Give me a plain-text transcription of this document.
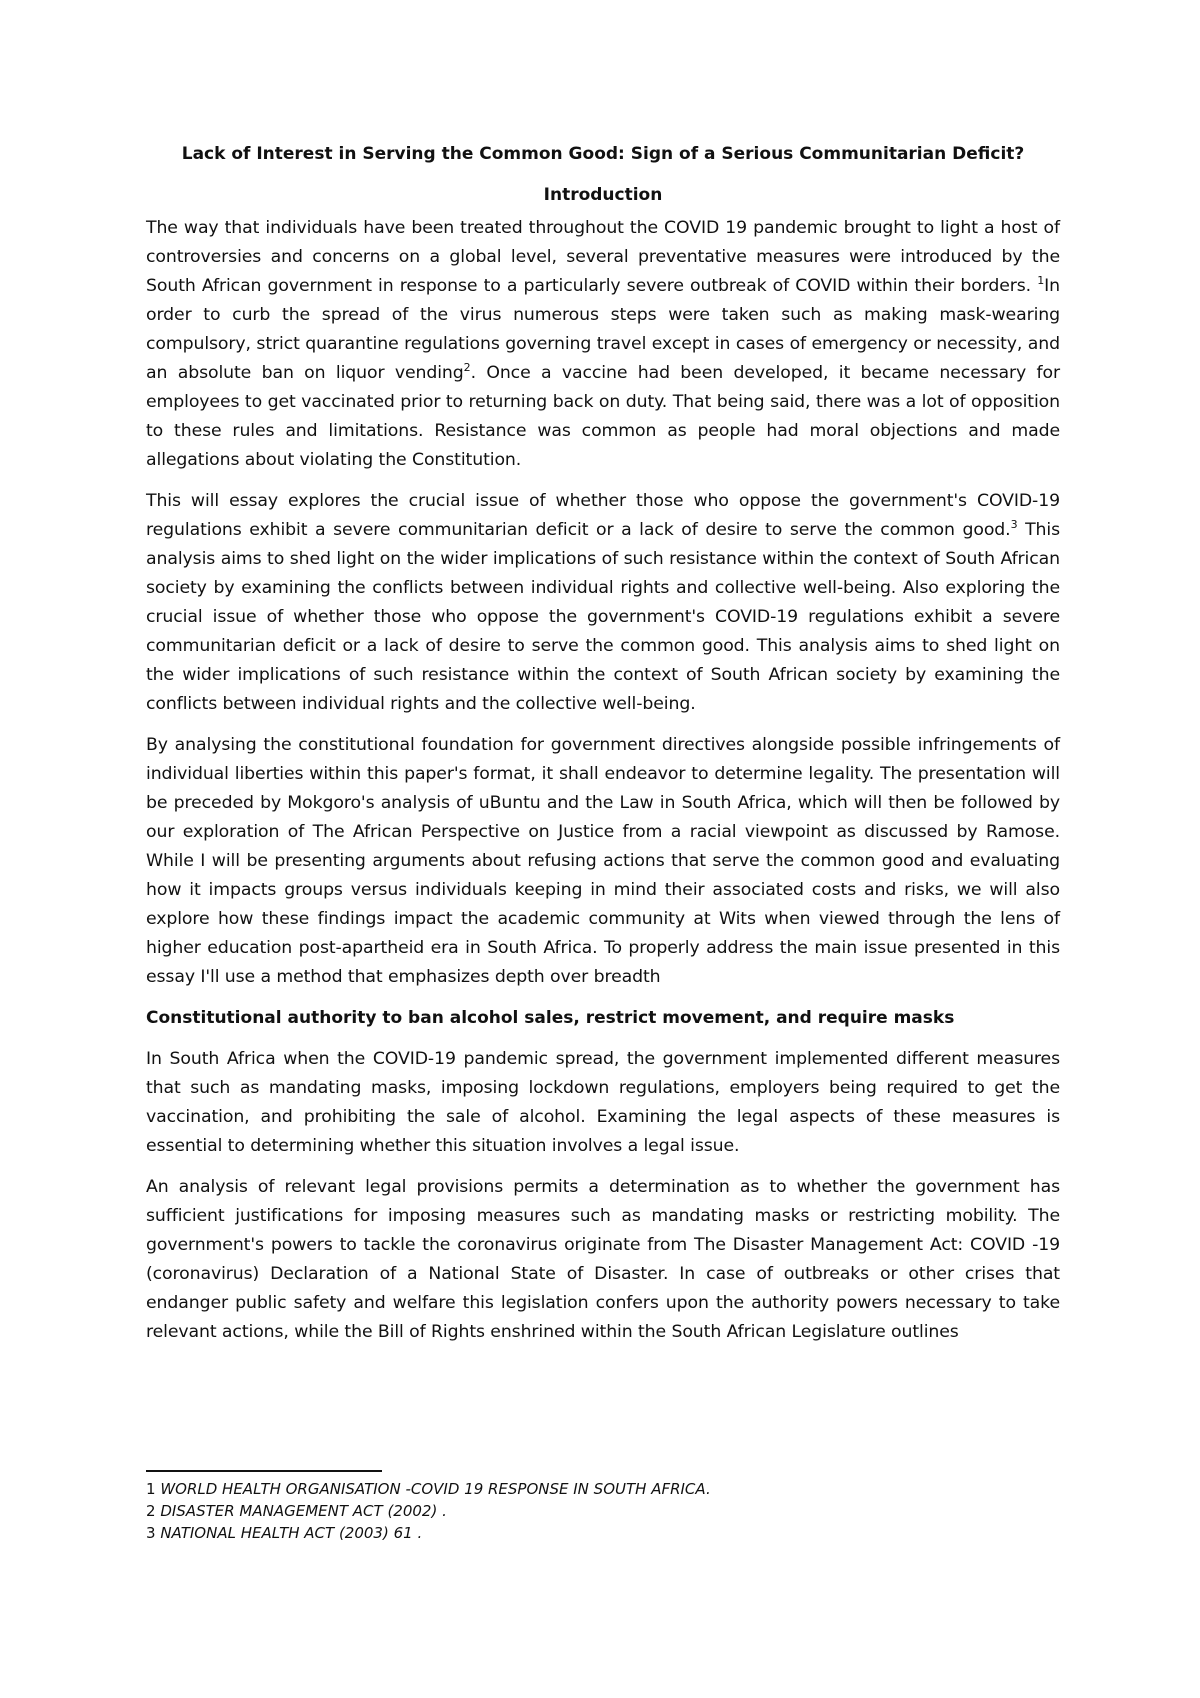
Lack of Interest in Serving the Common Good: Sign of a Serious Communitarian Deficit?

Introduction

The way that individuals have been treated throughout the COVID 19 pandemic brought to light a host of controversies and concerns on a global level, several preventative measures were introduced by the South African government in response to a particularly severe outbreak of COVID within their borders. $^1$In order to curb the spread of the virus numerous steps were taken such as making mask-wearing compulsory, strict quarantine regulations governing travel except in cases of emergency or necessity, and an absolute ban on liquor vending$^2$. Once a vaccine had been developed, it became necessary for employees to get vaccinated prior to returning back on duty. That being said, there was a lot of opposition to these rules and limitations. Resistance was common as people had moral objections and made allegations about violating the Constitution.

This will essay explores the crucial issue of whether those who oppose the government's COVID-19 regulations exhibit a severe communitarian deficit or a lack of desire to serve the common good.$^3$ This analysis aims to shed light on the wider implications of such resistance within the context of South African society by examining the conflicts between individual rights and collective well-being. Also exploring the crucial issue of whether those who oppose the government's COVID-19 regulations exhibit a severe communitarian deficit or a lack of desire to serve the common good. This analysis aims to shed light on the wider implications of such resistance within the context of South African society by examining the conflicts between individual rights and the collective well-being.

By analysing the constitutional foundation for government directives alongside possible infringements of individual liberties within this paper's format, it shall endeavor to determine legality. The presentation will be preceded by Mokgoro's analysis of uBuntu and the Law in South Africa, which will then be followed by our exploration of The African Perspective on Justice from a racial viewpoint as discussed by Ramose. While I will be presenting arguments about refusing actions that serve the common good and evaluating how it impacts groups versus individuals keeping in mind their associated costs and risks, we will also explore how these findings impact the academic community at Wits when viewed through the lens of higher education post-apartheid era in South Africa. To properly address the main issue presented in this essay I'll use a method that emphasizes depth over breadth

Constitutional authority to ban alcohol sales, restrict movement, and require masks

In South Africa when the COVID-19 pandemic spread, the government implemented different measures that such as mandating masks, imposing lockdown regulations, employers being required to get the vaccination, and prohibiting the sale of alcohol. Examining the legal aspects of these measures is essential to determining whether this situation involves a legal issue.

An analysis of relevant legal provisions permits a determination as to whether the government has sufficient justifications for imposing measures such as mandating masks or restricting mobility. The government's powers to tackle the coronavirus originate from The Disaster Management Act: COVID -19 (coronavirus) Declaration of a National State of Disaster. In case of outbreaks or other crises that endanger public safety and welfare this legislation confers upon the authority powers necessary to take relevant actions, while the Bill of Rights enshrined within the South African Legislature outlines

1 WORLD HEALTH ORGANISATION -COVID 19 RESPONSE IN SOUTH AFRICA.

2 DISASTER MANAGEMENT ACT (2002) .

3 NATIONAL HEALTH ACT (2003) 61 .
